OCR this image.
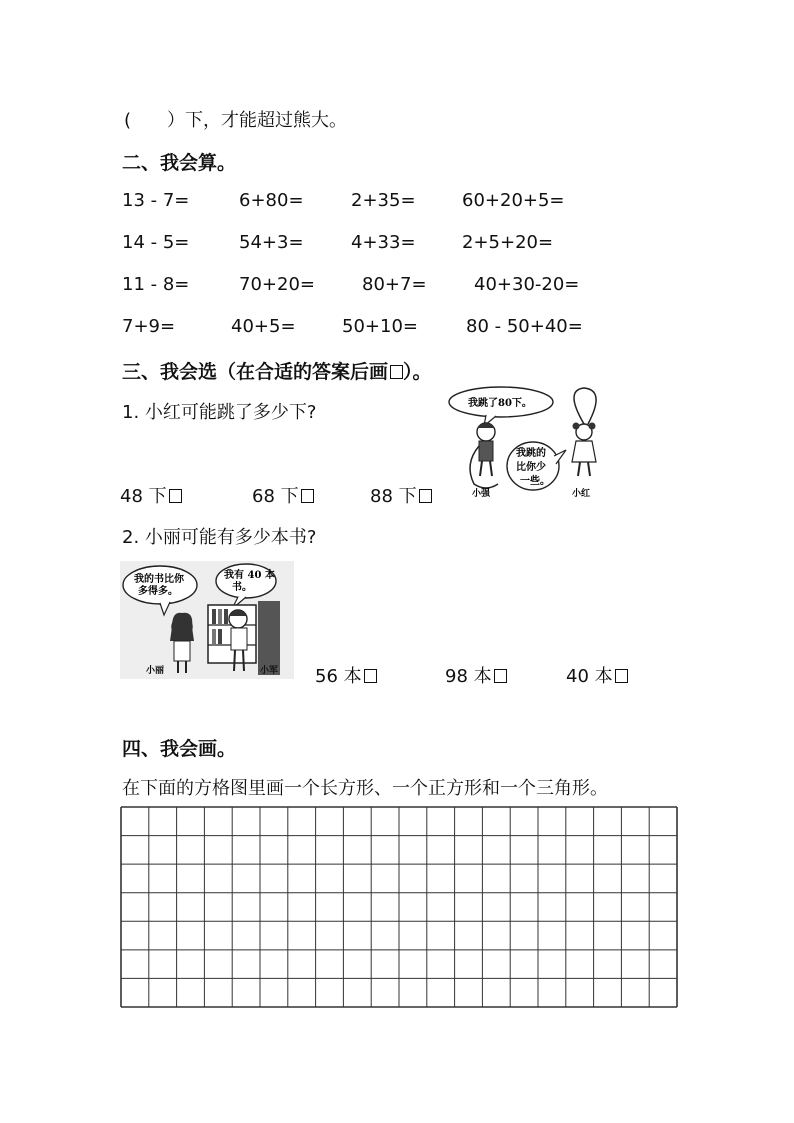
(　　）下，才能超过熊大。
二、我会算。
13 - 7=	6+80=	2+35=	60+20+5=
14 - 5=	54+3=	4+33=	2+5+20=
11 - 8=	70+20=	80+7=	40+30-20=
7+9=	40+5=	50+10=	80 - 50+40=
三、我会选（在合适的答案后画 ）。
1. 小红可能跳了多少下?	我跳了80下。
小强
我跳的
比你少
一些。
小红
48 下	68 下	88 下
2. 小丽可能有多少本书?
我的书比你
多得多。
我有 40 本
书。
小丽	小军 56 本	98 本	40 本
四、我会画。
在下面的方格图里画一个长方形、一个正方形和一个三角形。
